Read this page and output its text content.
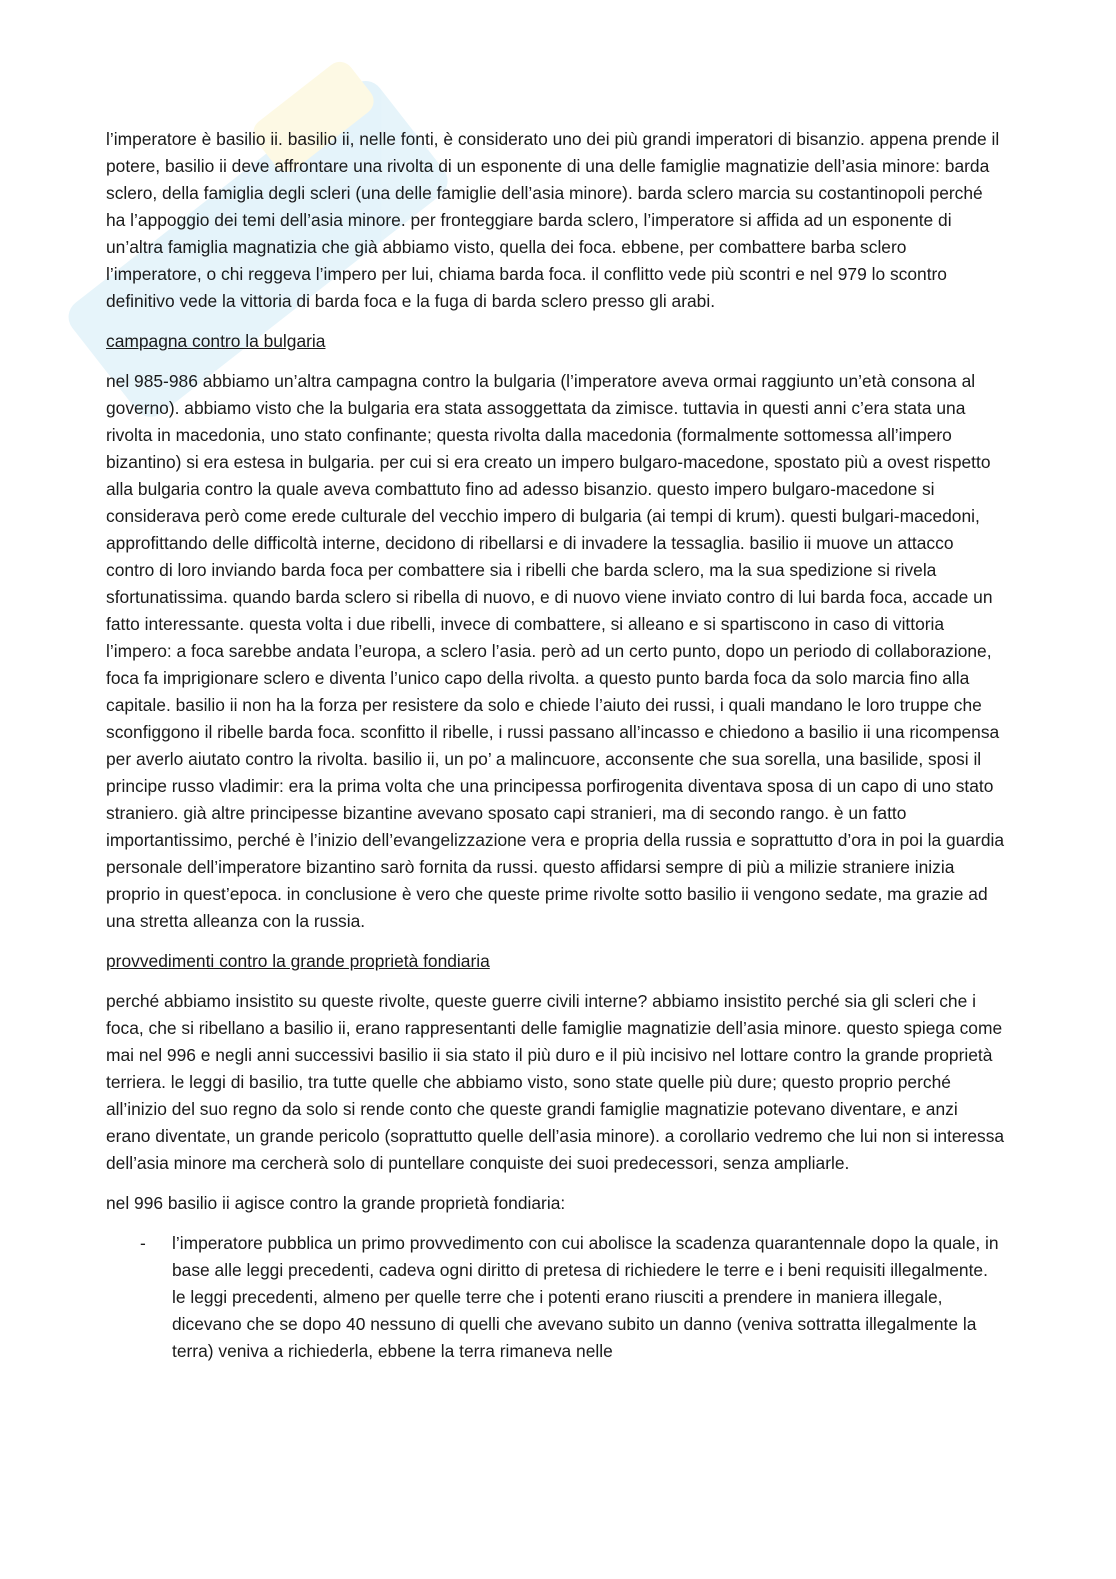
l’imperatore è basilio ii. basilio ii, nelle fonti, è considerato uno dei più grandi imperatori di bisanzio. appena prende il potere, basilio ii deve affrontare una rivolta di un esponente di una delle famiglie magnatizie dell’asia minore: barda sclero, della famiglia degli scleri (una delle famiglie dell’asia minore). barda sclero marcia su costantinopoli perché ha l’appoggio dei temi dell’asia minore. per fronteggiare barda sclero, l’imperatore si affida ad un esponente di un’altra famiglia magnatizia che già abbiamo visto, quella dei foca. ebbene, per combattere barba sclero l’imperatore, o chi reggeva l’impero per lui, chiama barda foca. il conflitto vede più scontri e nel 979 lo scontro definitivo vede la vittoria di barda foca e la fuga di barda sclero presso gli arabi.

campagna contro la bulgaria

nel 985-986 abbiamo un’altra campagna contro la bulgaria (l’imperatore aveva ormai raggiunto un’età consona al governo). abbiamo visto che la bulgaria era stata assoggettata da zimisce. tuttavia in questi anni c’era stata una rivolta in macedonia, uno stato confinante; questa rivolta dalla macedonia (formalmente sottomessa all’impero bizantino) si era estesa in bulgaria. per cui si era creato un impero bulgaro-macedone, spostato più a ovest rispetto alla bulgaria contro la quale aveva combattuto fino ad adesso bisanzio. questo impero bulgaro-macedone si considerava però come erede culturale del vecchio impero di bulgaria (ai tempi di krum). questi bulgari-macedoni, approfittando delle difficoltà interne, decidono di ribellarsi e di invadere la tessaglia. basilio ii muove un attacco contro di loro inviando barda foca per combattere sia i ribelli che barda sclero, ma la sua spedizione si rivela sfortunatissima. quando barda sclero si ribella di nuovo, e di nuovo viene inviato contro di lui barda foca, accade un fatto interessante. questa volta i due ribelli, invece di combattere, si alleano e si spartiscono in caso di vittoria l’impero: a foca sarebbe andata l’europa, a sclero l’asia. però ad un certo punto, dopo un periodo di collaborazione, foca fa imprigionare sclero e diventa l’unico capo della rivolta. a questo punto barda foca da solo marcia fino alla capitale. basilio ii non ha la forza per resistere da solo e chiede l’aiuto dei russi, i quali mandano le loro truppe che sconfiggono il ribelle barda foca. sconfitto il ribelle, i russi passano all’incasso e chiedono a basilio ii una ricompensa per averlo aiutato contro la rivolta. basilio ii, un po’ a malincuore, acconsente che sua sorella, una basilide, sposi il principe russo vladimir: era la prima volta che una principessa porfirogenita diventava sposa di un capo di uno stato straniero. già altre principesse bizantine avevano sposato capi stranieri, ma di secondo rango. è un fatto importantissimo, perché è l’inizio dell’evangelizzazione vera e propria della russia e soprattutto d’ora in poi la guardia personale dell’imperatore bizantino sarò fornita da russi. questo affidarsi sempre di più a milizie straniere inizia proprio in quest’epoca. in conclusione è vero che queste prime rivolte sotto basilio ii vengono sedate, ma grazie ad una stretta alleanza con la russia.

provvedimenti contro la grande proprietà fondiaria

perché abbiamo insistito su queste rivolte, queste guerre civili interne? abbiamo insistito perché sia gli scleri che i foca, che si ribellano a basilio ii, erano rappresentanti delle famiglie magnatizie dell’asia minore. questo spiega come mai nel 996 e negli anni successivi basilio ii sia stato il più duro e il più incisivo nel lottare contro la grande proprietà terriera. le leggi di basilio, tra tutte quelle che abbiamo visto, sono state quelle più dure; questo proprio perché all’inizio del suo regno da solo si rende conto che queste grandi famiglie magnatizie potevano diventare, e anzi erano diventate, un grande pericolo (soprattutto quelle dell’asia minore). a corollario vedremo che lui non si interessa dell’asia minore ma cercherà solo di puntellare conquiste dei suoi predecessori, senza ampliarle.

nel 996 basilio ii agisce contro la grande proprietà fondiaria:

- l’imperatore pubblica un primo provvedimento con cui abolisce la scadenza quarantennale dopo la quale, in base alle leggi precedenti, cadeva ogni diritto di pretesa di richiedere le terre e i beni requisiti illegalmente. le leggi precedenti, almeno per quelle terre che i potenti erano riusciti a prendere in maniera illegale, dicevano che se dopo 40 nessuno di quelli che avevano subito un danno (veniva sottratta illegalmente la terra) veniva a richiederla, ebbene la terra rimaneva nelle
